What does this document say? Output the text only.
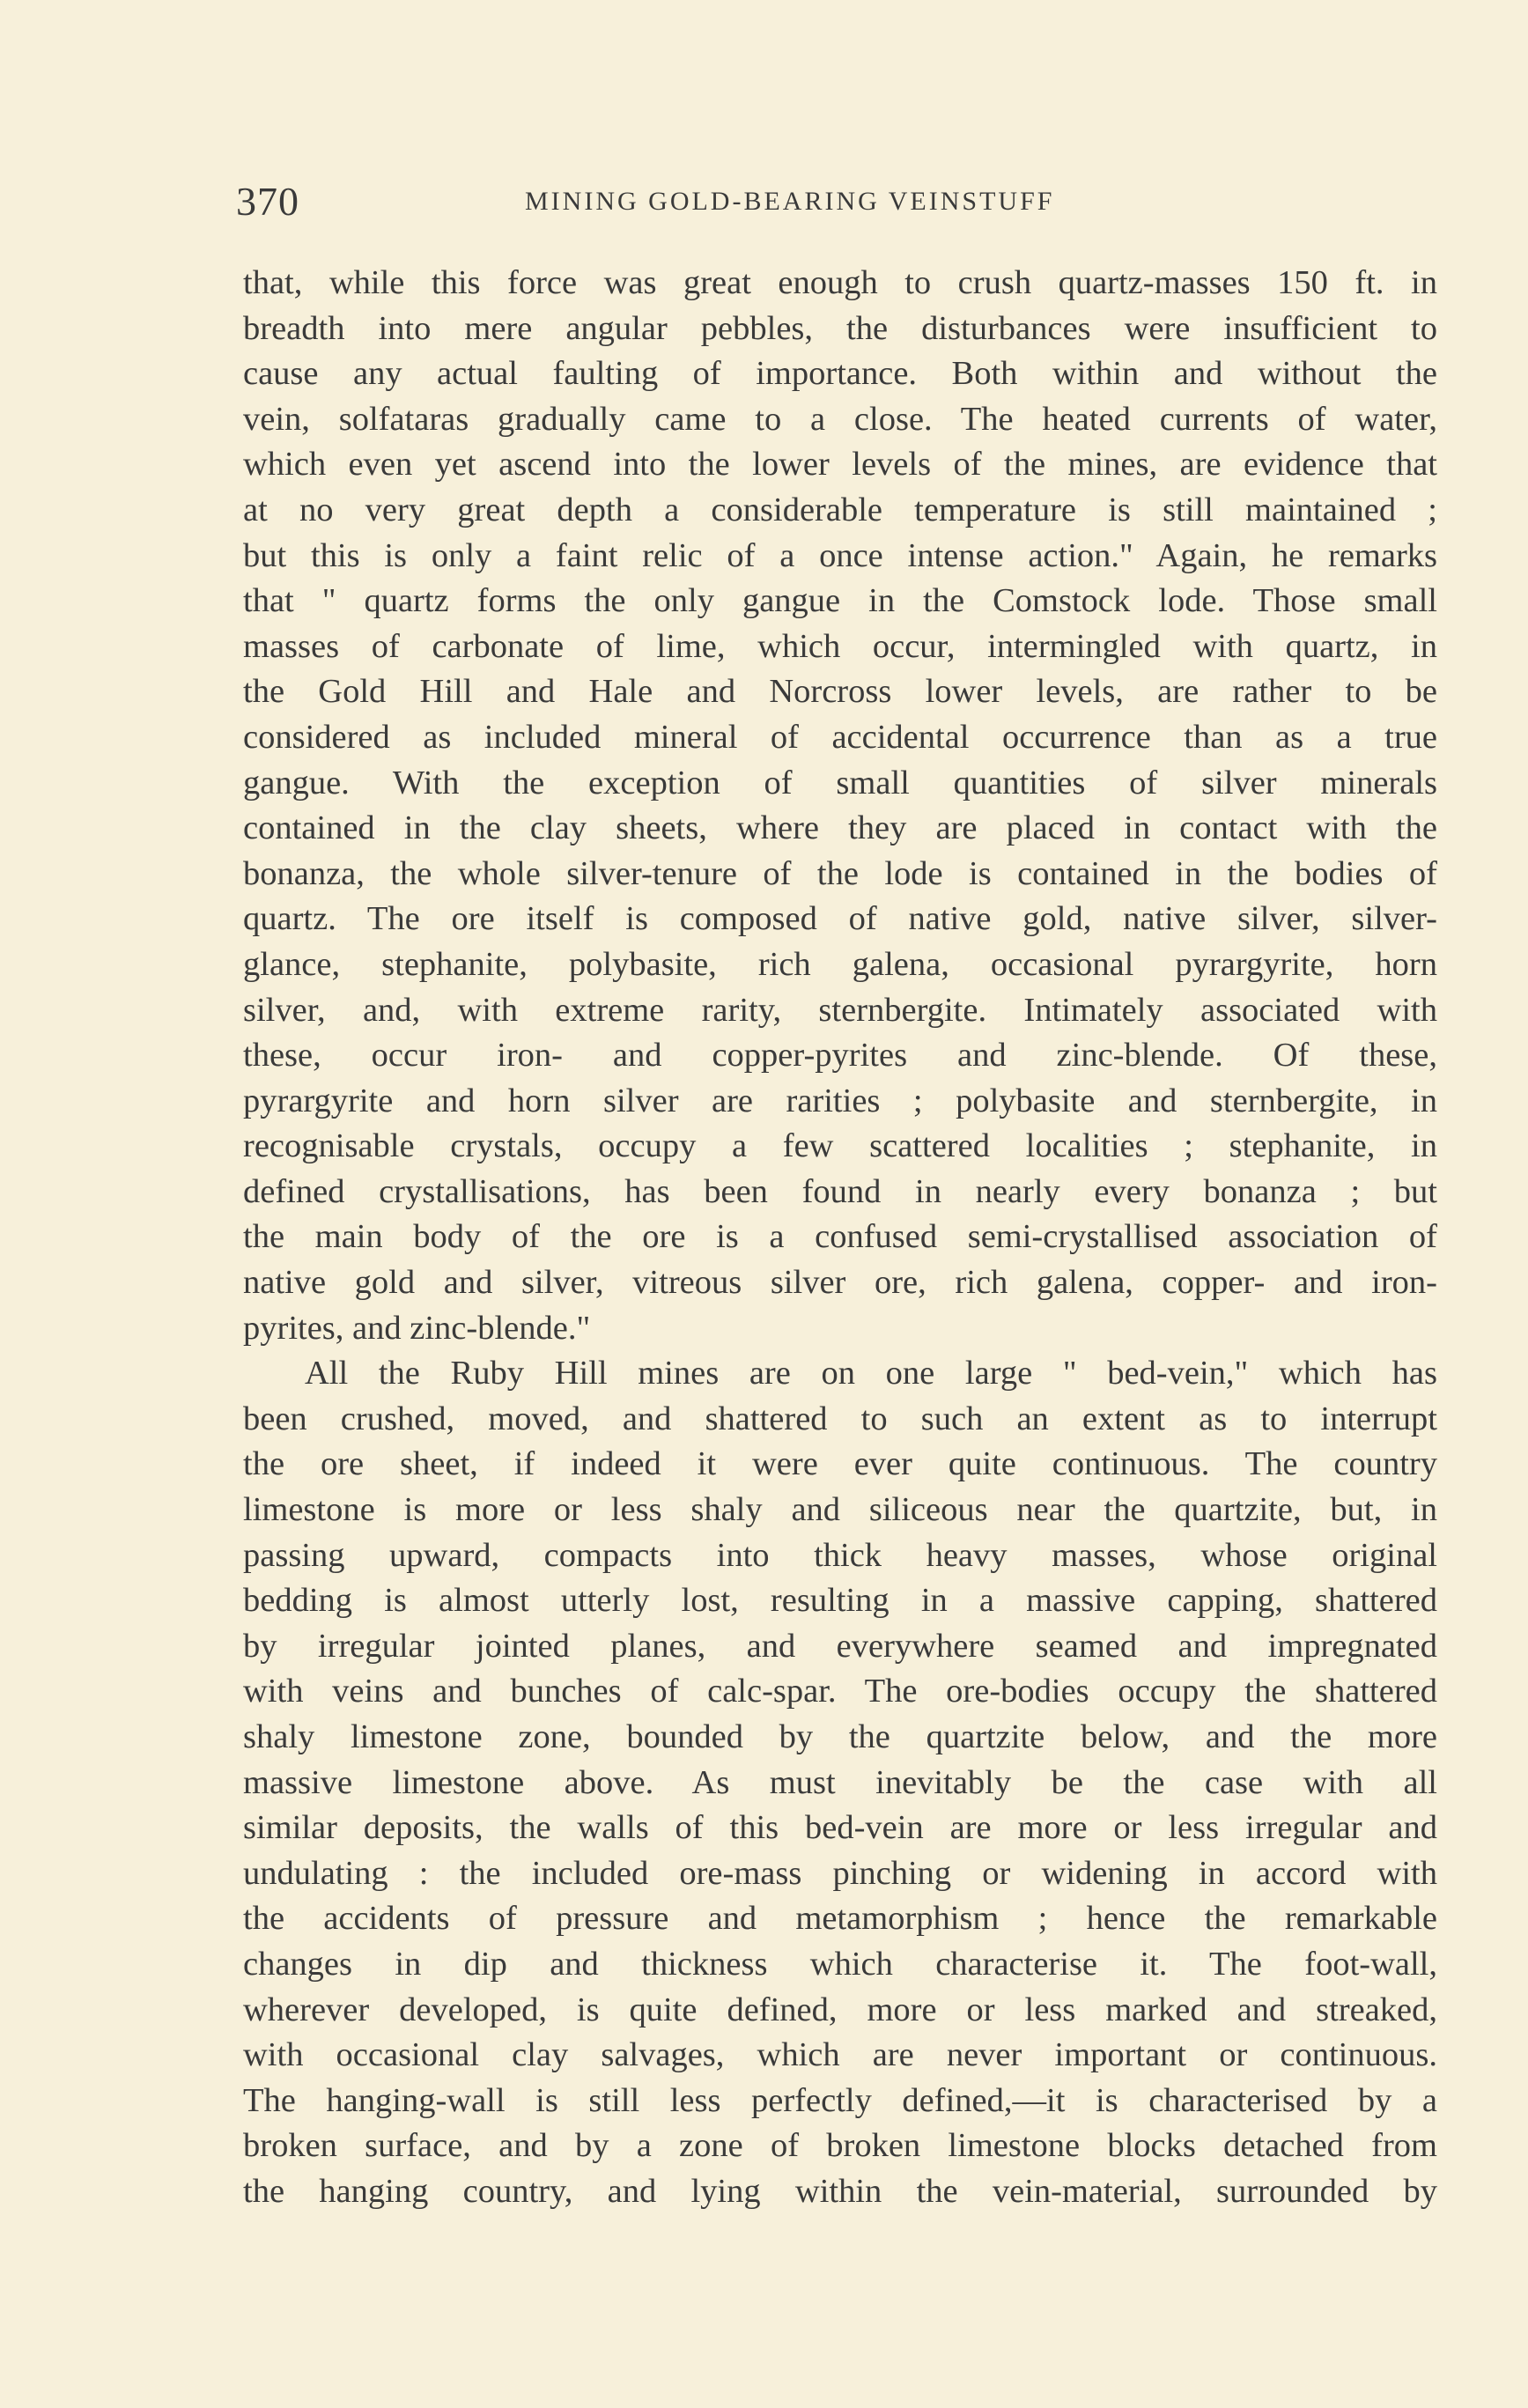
370	MINING GOLD-BEARING VEINSTUFF

that, while this force was great enough to crush quartz-masses 150 ft. in
breadth into mere angular pebbles, the disturbances were insufficient to
cause any actual faulting of importance. Both within and without the
vein, solfataras gradually came to a close. The heated currents of water,
which even yet ascend into the lower levels of the mines, are evidence that
at no very great depth a considerable temperature is still maintained ;
but this is only a faint relic of a once intense action." Again, he remarks
that " quartz forms the only gangue in the Comstock lode. Those small
masses of carbonate of lime, which occur, intermingled with quartz, in
the Gold Hill and Hale and Norcross lower levels, are rather to be
considered as included mineral of accidental occurrence than as a true
gangue. With the exception of small quantities of silver minerals
contained in the clay sheets, where they are placed in contact with the
bonanza, the whole silver-tenure of the lode is contained in the bodies of
quartz. The ore itself is composed of native gold, native silver, silver-
glance, stephanite, polybasite, rich galena, occasional pyrargyrite, horn
silver, and, with extreme rarity, sternbergite. Intimately associated with
these, occur iron- and copper-pyrites and zinc-blende. Of these,
pyrargyrite and horn silver are rarities ; polybasite and sternbergite, in
recognisable crystals, occupy a few scattered localities ; stephanite, in
defined crystallisations, has been found in nearly every bonanza ; but
the main body of the ore is a confused semi-crystallised association of
native gold and silver, vitreous silver ore, rich galena, copper- and iron-
pyrites, and zinc-blende."

All the Ruby Hill mines are on one large " bed-vein," which has
been crushed, moved, and shattered to such an extent as to interrupt
the ore sheet, if indeed it were ever quite continuous. The country
limestone is more or less shaly and siliceous near the quartzite, but, in
passing upward, compacts into thick heavy masses, whose original
bedding is almost utterly lost, resulting in a massive capping, shattered
by irregular jointed planes, and everywhere seamed and impregnated
with veins and bunches of calc-spar. The ore-bodies occupy the shattered
shaly limestone zone, bounded by the quartzite below, and the more
massive limestone above. As must inevitably be the case with all
similar deposits, the walls of this bed-vein are more or less irregular and
undulating : the included ore-mass pinching or widening in accord with
the accidents of pressure and metamorphism ; hence the remarkable
changes in dip and thickness which characterise it. The foot-wall,
wherever developed, is quite defined, more or less marked and streaked,
with occasional clay salvages, which are never important or continuous.
The hanging-wall is still less perfectly defined,—it is characterised by a
broken surface, and by a zone of broken limestone blocks detached from
the hanging country, and lying within the vein-material, surrounded by
